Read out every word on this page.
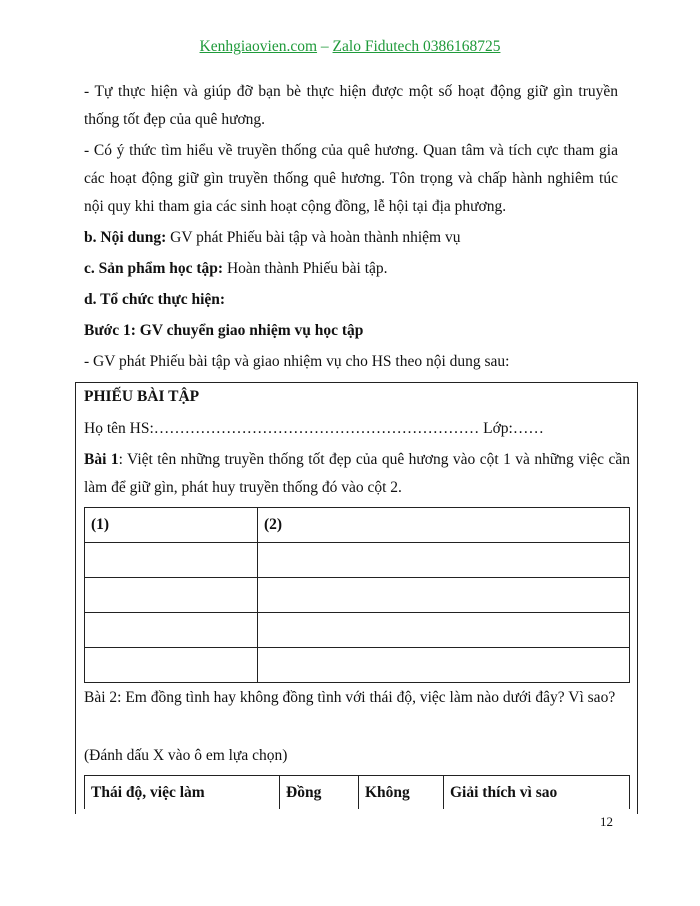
Kenhgiaovien.com – Zalo Fidutech 0386168725
- Tự thực hiện và giúp đỡ bạn bè thực hiện được một số hoạt động giữ gìn truyền thống tốt đẹp của quê hương.
- Có ý thức tìm hiểu về truyền thống của quê hương. Quan tâm và tích cực tham gia các hoạt động giữ gìn truyền thống quê hương. Tôn trọng và chấp hành nghiêm túc nội quy khi tham gia các sinh hoạt cộng đồng, lễ hội tại địa phương.
b. Nội dung: GV phát Phiếu bài tập và hoàn thành nhiệm vụ
c. Sản phẩm học tập: Hoàn thành Phiếu bài tập.
d. Tổ chức thực hiện:
Bước 1: GV chuyển giao nhiệm vụ học tập
- GV phát Phiếu bài tập và giao nhiệm vụ cho HS theo nội dung sau:
PHIẾU BÀI TẬP
Họ tên HS:……………………………………………………… Lớp:……
Bài 1: Việt tên những truyền thống tốt đẹp của quê hương vào cột 1 và những việc cần làm để giữ gìn, phát huy truyền thống đó vào cột 2.
(1)	(2)

Bài 2: Em đồng tình hay không đồng tình với thái độ, việc làm nào dưới đây? Vì sao?
(Đánh dấu X vào ô em lựa chọn)
Thái độ, việc làm	Đồng	Không	Giải thích vì sao
12
